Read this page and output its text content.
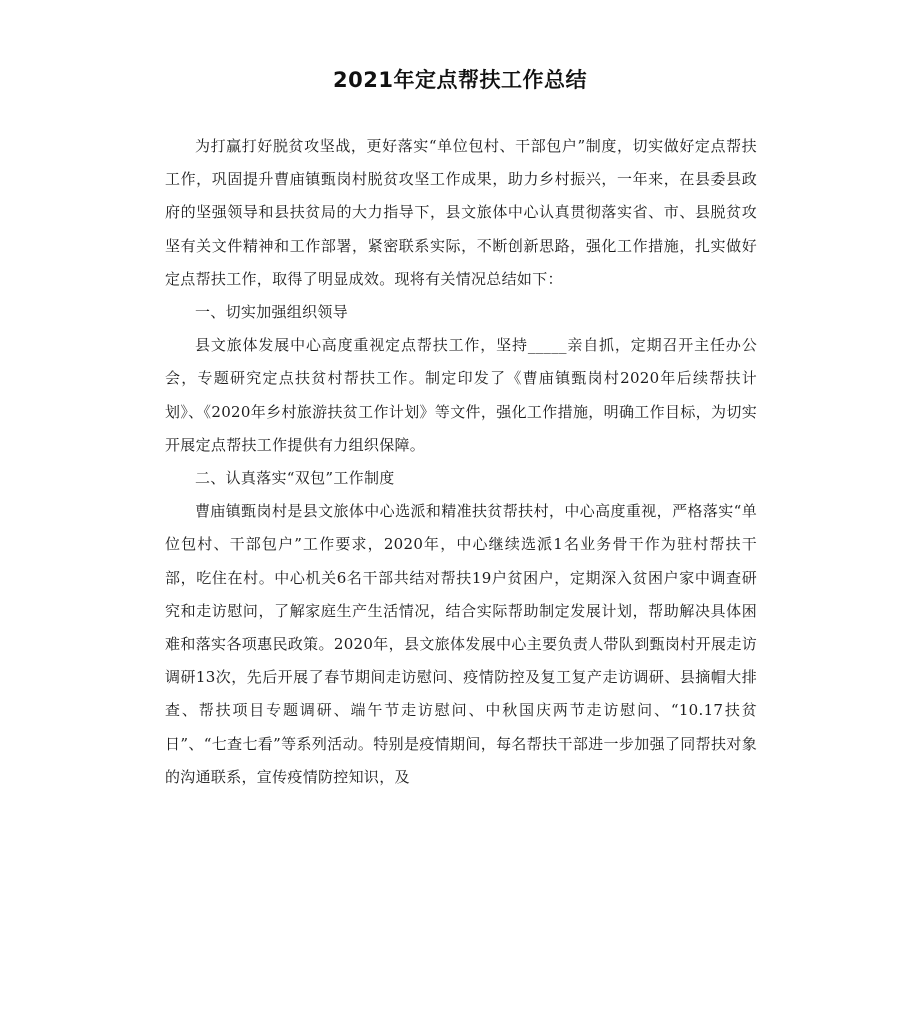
2021年定点帮扶工作总结

为打赢打好脱贫攻坚战，更好落实“单位包村、干部包户”制度，切实做好定点帮扶工作，巩固提升曹庙镇甄岗村脱贫攻坚工作成果，助力乡村振兴，一年来，在县委县政府的坚强领导和县扶贫局的大力指导下，县文旅体中心认真贯彻落实省、市、县脱贫攻坚有关文件精神和工作部署，紧密联系实际，不断创新思路，强化工作措施，扎实做好定点帮扶工作，取得了明显成效。现将有关情况总结如下：

一、切实加强组织领导

县文旅体发展中心高度重视定点帮扶工作，坚持_____亲自抓，定期召开主任办公会，专题研究定点扶贫村帮扶工作。制定印发了《曹庙镇甄岗村2020年后续帮扶计划》、《2020年乡村旅游扶贫工作计划》等文件，强化工作措施，明确工作目标，为切实开展定点帮扶工作提供有力组织保障。

二、认真落实“双包”工作制度

曹庙镇甄岗村是县文旅体中心选派和精准扶贫帮扶村，中心高度重视，严格落实“单位包村、干部包户”工作要求，2020年，中心继续选派1名业务骨干作为驻村帮扶干部，吃住在村。中心机关6名干部共结对帮扶19户贫困户，定期深入贫困户家中调查研究和走访慰问，了解家庭生产生活情况，结合实际帮助制定发展计划，帮助解决具体困难和落实各项惠民政策。2020年，县文旅体发展中心主要负责人带队到甄岗村开展走访调研13次，先后开展了春节期间走访慰问、疫情防控及复工复产走访调研、县摘帽大排查、帮扶项目专题调研、端午节走访慰问、中秋国庆两节走访慰问、“10.17扶贫日”、“七查七看”等系列活动。特别是疫情期间，每名帮扶干部进一步加强了同帮扶对象的沟通联系，宣传疫情防控知识，及
